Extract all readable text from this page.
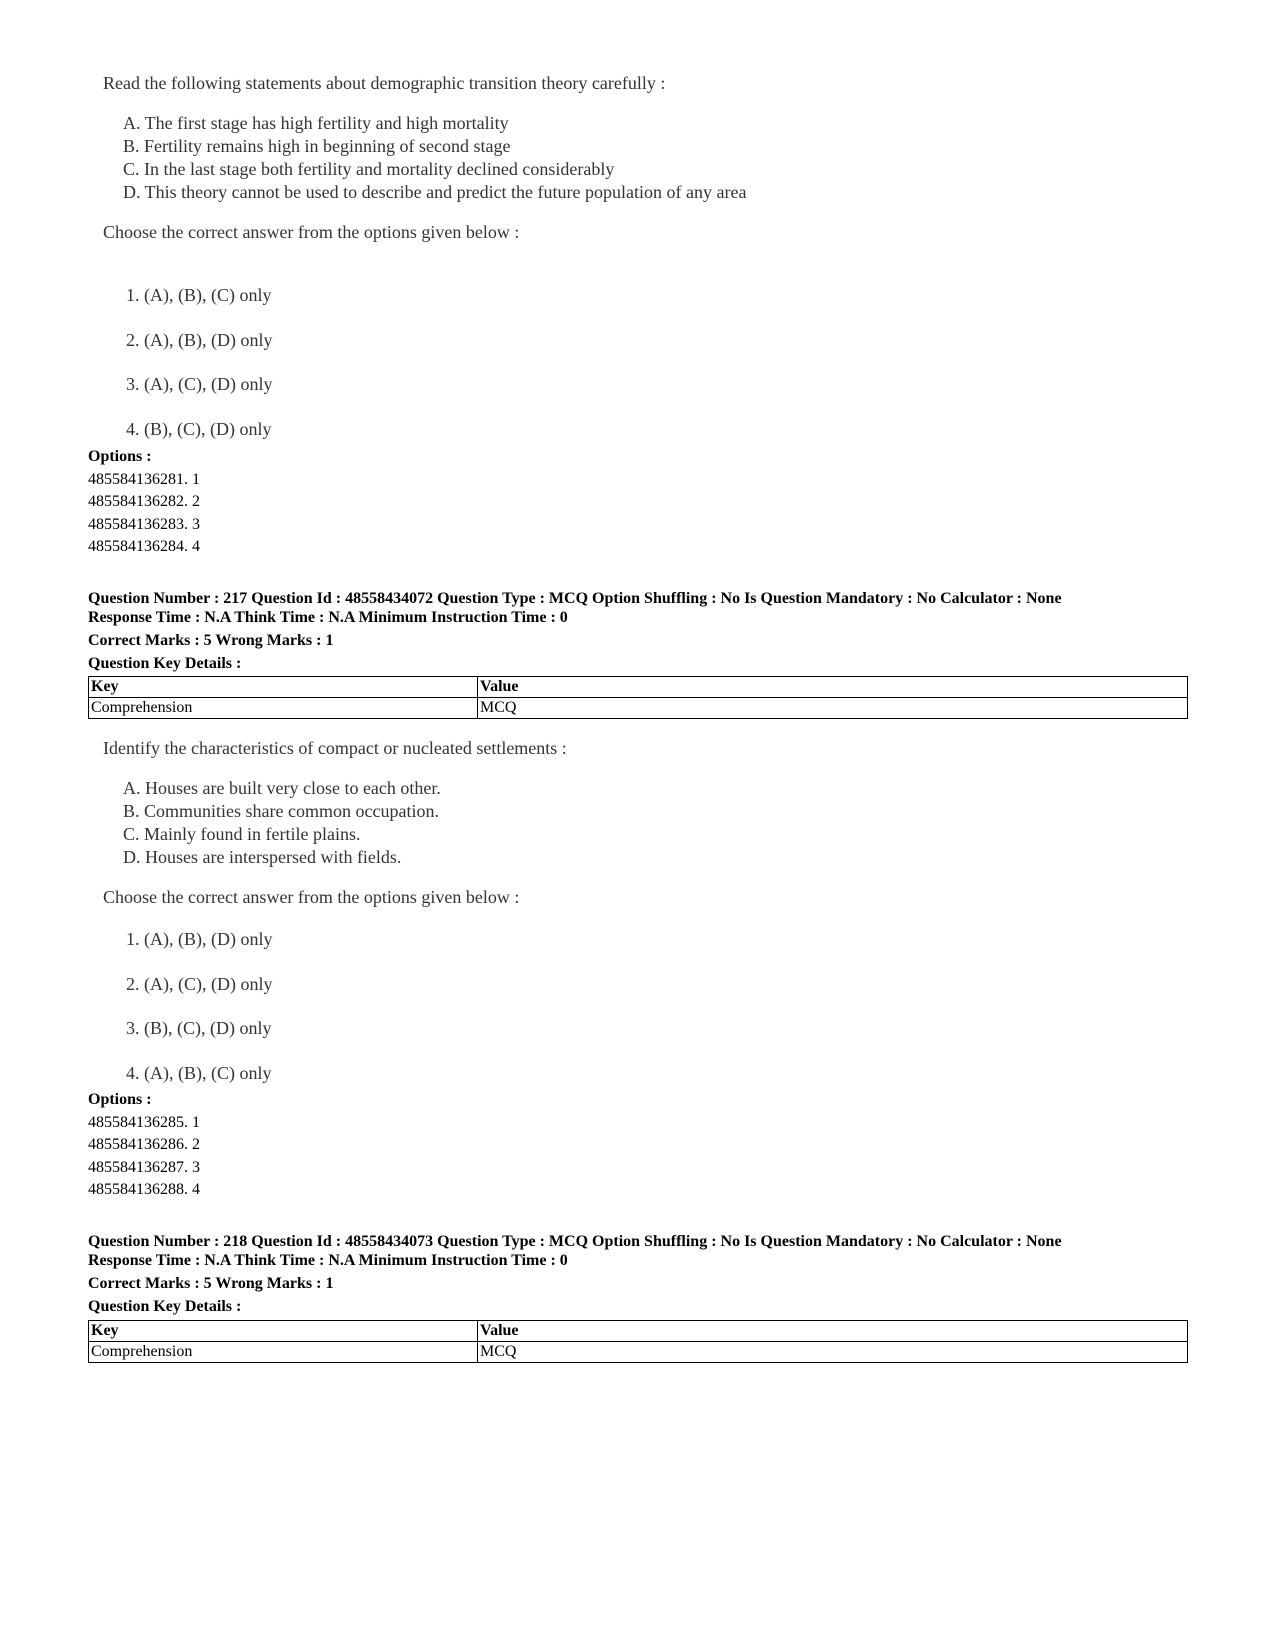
Read the following statements about demographic transition theory carefully :
A. The first stage has high fertility and high mortality
B. Fertility remains high in beginning of second stage
C. In the last stage both fertility and mortality declined considerably
D. This theory cannot be used to describe and predict the future population of any area
Choose the correct answer from the options given below :
1. (A), (B), (C) only
2. (A), (B), (D) only
3. (A), (C), (D) only
4. (B), (C), (D) only
Options :
485584136281. 1
485584136282. 2
485584136283. 3
485584136284. 4
Question Number : 217 Question Id : 48558434072 Question Type : MCQ Option Shuffling : No Is Question Mandatory : No Calculator : None
Response Time : N.A Think Time : N.A Minimum Instruction Time : 0
Correct Marks : 5 Wrong Marks : 1
Question Key Details :
Key	Value
Comprehension	MCQ
Identify the characteristics of compact or nucleated settlements :
A. Houses are built very close to each other.
B. Communities share common occupation.
C. Mainly found in fertile plains.
D. Houses are interspersed with fields.
Choose the correct answer from the options given below :
1. (A), (B), (D) only
2. (A), (C), (D) only
3. (B), (C), (D) only
4. (A), (B), (C) only
Options :
485584136285. 1
485584136286. 2
485584136287. 3
485584136288. 4
Question Number : 218 Question Id : 48558434073 Question Type : MCQ Option Shuffling : No Is Question Mandatory : No Calculator : None
Response Time : N.A Think Time : N.A Minimum Instruction Time : 0
Correct Marks : 5 Wrong Marks : 1
Question Key Details :
Key	Value
Comprehension	MCQ
